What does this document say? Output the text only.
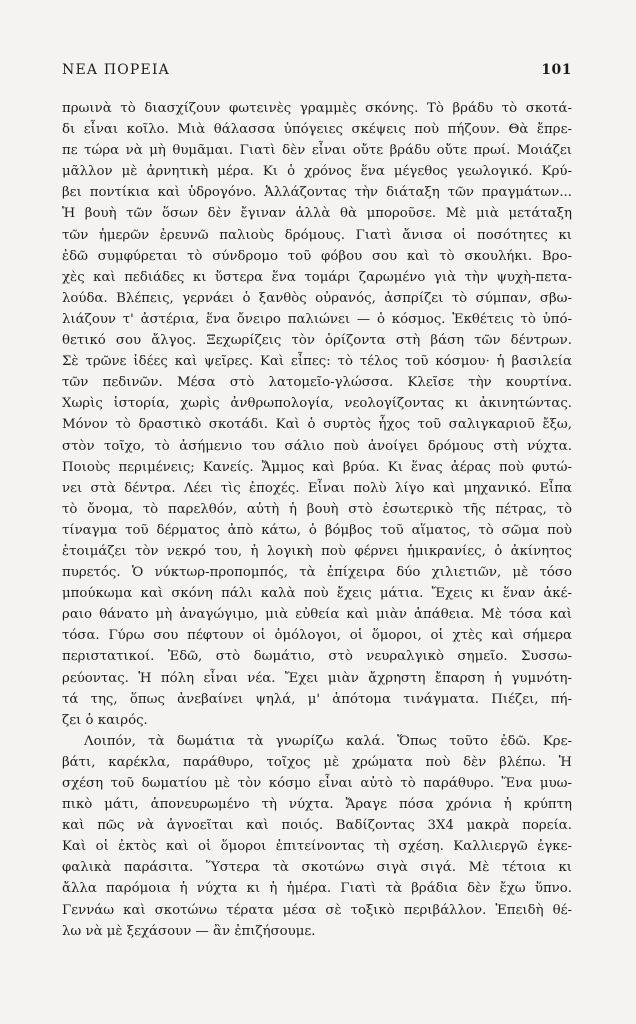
ΝΕΑ ΠΟΡΕΙΑ	101
πρωινὰ τὸ διασχίζουν φωτεινὲς γραμμὲς σκόνης. Τὸ βράδυ τὸ σκοτά-
δι εἶναι κοῖλο. Μιὰ θάλασσα ὑπόγειες σκέψεις ποὺ πήζουν. Θὰ ἔπρε-
πε τώρα νὰ μὴ θυμᾶμαι. Γιατὶ δὲν εἶναι οὔτε βράδυ οὔτε πρωί. Μοιάζει
μᾶλλον μὲ ἀρνητικὴ μέρα. Κι ὁ χρόνος ἕνα μέγεθος γεωλογικό. Κρύ-
βει ποντίκια καὶ ὑδρογόνο. Ἀλλάζοντας τὴν διάταξη τῶν πραγμάτων...
Ἡ βουὴ τῶν ὅσων δὲν ἔγιναν ἀλλὰ θὰ μποροῦσε. Μὲ μιὰ μετάταξη
τῶν ἡμερῶν ἐρευνῶ παλιοὺς δρόμους. Γιατὶ ἄνισα οἱ ποσότητες κι
ἐδῶ συμφύρεται τὸ σύνδρομο τοῦ φόβου σου καὶ τὸ σκουλήκι. Βρο-
χὲς καὶ πεδιάδες κι ὕστερα ἕνα τομάρι ζαρωμένο γιὰ τὴν ψυχὴ-πετα-
λούδα. Βλέπεις, γερνάει ὁ ξανθὸς οὐρανός, ἀσπρίζει τὸ σύμπαν, σβω-
λιάζουν τ' ἀστέρια, ἕνα ὄνειρο παλιώνει — ὁ κόσμος. Ἐκθέτεις τὸ ὑπό-
θετικό σου ἄλγος. Ξεχωρίζεις τὸν ὁρίζοντα στὴ βάση τῶν δέντρων.
Σὲ τρῶνε ἰδέες καὶ ψεῖρες. Καὶ εἶπες: τὸ τέλος τοῦ κόσμου· ἡ βασιλεία
τῶν πεδινῶν. Μέσα στὸ λατομεῖο-γλώσσα. Κλεῖσε τὴν κουρτίνα.
Χωρὶς ἱστορία, χωρὶς ἀνθρωπολογία, νεολογίζοντας κι ἀκινητώντας.
Μόνον τὸ δραστικὸ σκοτάδι. Καὶ ὁ συρτὸς ἦχος τοῦ σαλιγκαριοῦ ἔξω,
στὸν τοῖχο, τὸ ἀσήμενιο του σάλιο ποὺ ἀνοίγει δρόμους στὴ νύχτα.
Ποιοὺς περιμένεις; Κανείς. Ἄμμος καὶ βρύα. Κι ἕνας ἀέρας ποὺ φυτώ-
νει στὰ δέντρα. Λέει τὶς ἐποχές. Εἶναι πολὺ λίγο καὶ μηχανικό. Εἶπα
τὸ ὄνομα, τὸ παρελθόν, αὐτὴ ἡ βουὴ στὸ ἐσωτερικὸ τῆς πέτρας, τὸ
τίναγμα τοῦ δέρματος ἀπὸ κάτω, ὁ βόμβος τοῦ αἵματος, τὸ σῶμα ποὺ
ἑτοιμάζει τὸν νεκρό του, ἡ λογικὴ ποὺ φέρνει ἡμικρανίες, ὁ ἀκίνητος
πυρετός. Ὁ νύκτωρ-προπομπός, τὰ ἐπίχειρα δύο χιλιετιῶν, μὲ τόσο
μπούκωμα καὶ σκόνη πάλι καλὰ ποὺ ἔχεις μάτια. Ἔχεις κι ἕναν ἀκέ-
ραιο θάνατο μὴ ἀναγώγιμο, μιὰ εὐθεία καὶ μιὰν ἀπάθεια. Μὲ τόσα καὶ
τόσα. Γύρω σου πέφτουν οἱ ὁμόλογοι, οἱ ὅμοροι, οἱ χτὲς καὶ σήμερα
περιστατικοί. Ἐδῶ, στὸ δωμάτιο, στὸ νευραλγικὸ σημεῖο. Συσσω-
ρεύοντας. Ἡ πόλη εἶναι νέα. Ἔχει μιὰν ἄχρηστη ἔπαρση ἡ γυμνότη-
τά της, ὅπως ἀνεβαίνει ψηλά, μ' ἀπότομα τινάγματα. Πιέζει, πή-
ζει ὁ καιρός.
Λοιπόν, τὰ δωμάτια τὰ γνωρίζω καλά. Ὅπως τοῦτο ἐδῶ. Κρε-
βάτι, καρέκλα, παράθυρο, τοῖχος μὲ χρώματα ποὺ δὲν βλέπω. Ἡ
σχέση τοῦ δωματίου μὲ τὸν κόσμο εἶναι αὐτὸ τὸ παράθυρο. Ἕνα μυω-
πικὸ μάτι, ἀπονευρωμένο τὴ νύχτα. Ἄραγε πόσα χρόνια ἡ κρύπτη
καὶ πῶς νὰ ἀγνοεῖται καὶ ποιός. Βαδίζοντας 3Χ4 μακρὰ πορεία.
Καὶ οἱ ἐκτὸς καὶ οἱ ὅμοροι ἐπιτείνοντας τὴ σχέση. Καλλιεργῶ ἐγκε-
φαλικὰ παράσιτα. Ὕστερα τὰ σκοτώνω σιγὰ σιγά. Μὲ τέτοια κι
ἄλλα παρόμοια ἡ νύχτα κι ἡ ἡμέρα. Γιατὶ τὰ βράδια δὲν ἔχω ὕπνο.
Γεννάω καὶ σκοτώνω τέρατα μέσα σὲ τοξικὸ περιβάλλον. Ἐπειδὴ θέ-
λω νὰ μὲ ξεχάσουν — ἂν ἐπιζήσουμε.
